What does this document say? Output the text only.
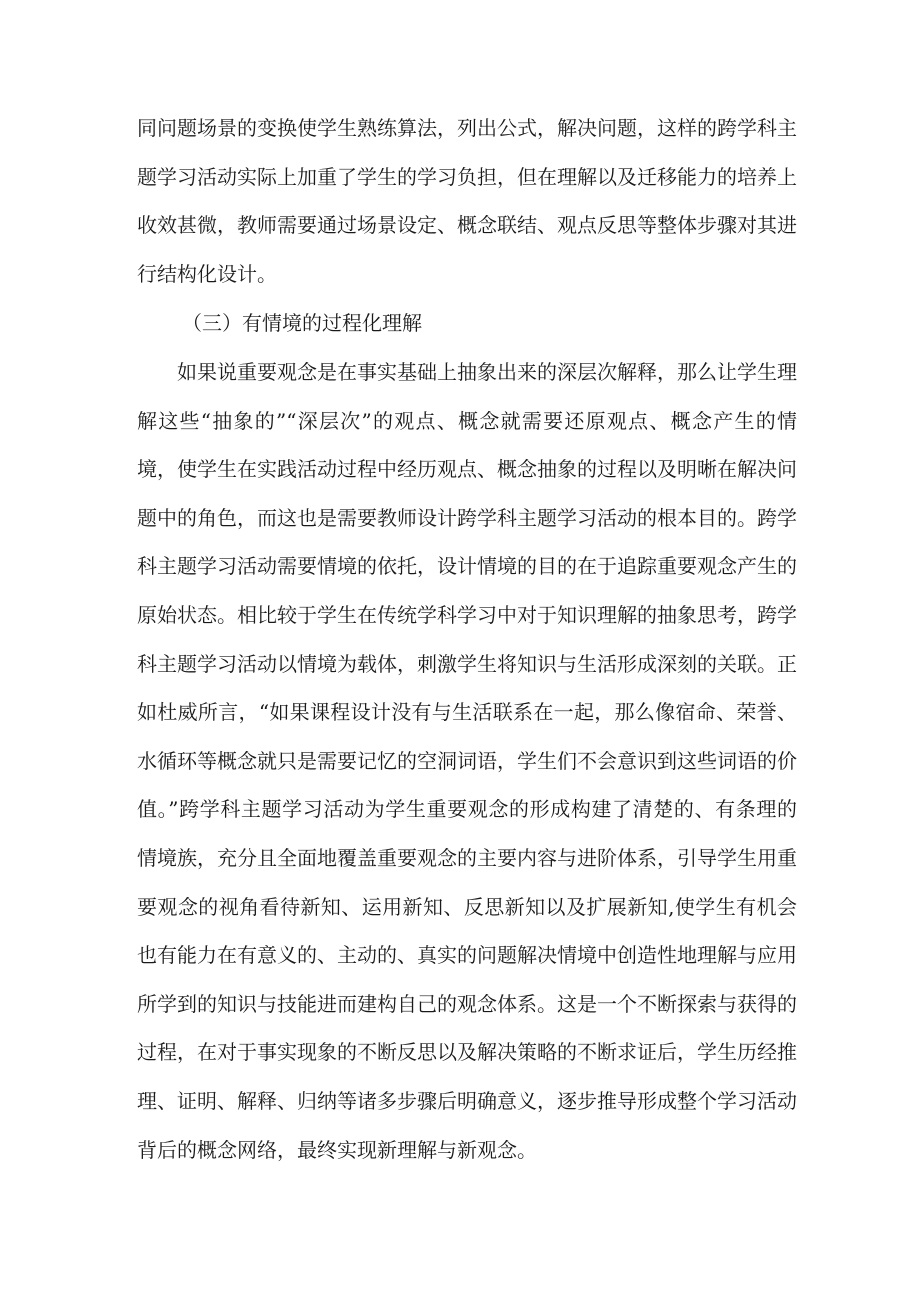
同问题场景的变换使学生熟练算法，列出公式，解决问题，这样的跨学科主题学习活动实际上加重了学生的学习负担，但在理解以及迁移能力的培养上收效甚微，教师需要通过场景设定、概念联结、观点反思等整体步骤对其进行结构化设计。

（三）有情境的过程化理解

如果说重要观念是在事实基础上抽象出来的深层次解释，那么让学生理解这些“抽象的”“深层次”的观点、概念就需要还原观点、概念产生的情境，使学生在实践活动过程中经历观点、概念抽象的过程以及明晰在解决问题中的角色，而这也是需要教师设计跨学科主题学习活动的根本目的。跨学科主题学习活动需要情境的依托，设计情境的目的在于追踪重要观念产生的原始状态。相比较于学生在传统学科学习中对于知识理解的抽象思考，跨学科主题学习活动以情境为载体，刺激学生将知识与生活形成深刻的关联。正如杜威所言，“如果课程设计没有与生活联系在一起，那么像宿命、荣誉、水循环等概念就只是需要记忆的空洞词语，学生们不会意识到这些词语的价值。”跨学科主题学习活动为学生重要观念的形成构建了清楚的、有条理的情境族，充分且全面地覆盖重要观念的主要内容与进阶体系，引导学生用重要观念的视角看待新知、运用新知、反思新知以及扩展新知,使学生有机会也有能力在有意义的、主动的、真实的问题解决情境中创造性地理解与应用所学到的知识与技能进而建构自己的观念体系。这是一个不断探索与获得的过程，在对于事实现象的不断反思以及解决策略的不断求证后，学生历经推理、证明、解释、归纳等诸多步骤后明确意义，逐步推导形成整个学习活动背后的概念网络，最终实现新理解与新观念。
